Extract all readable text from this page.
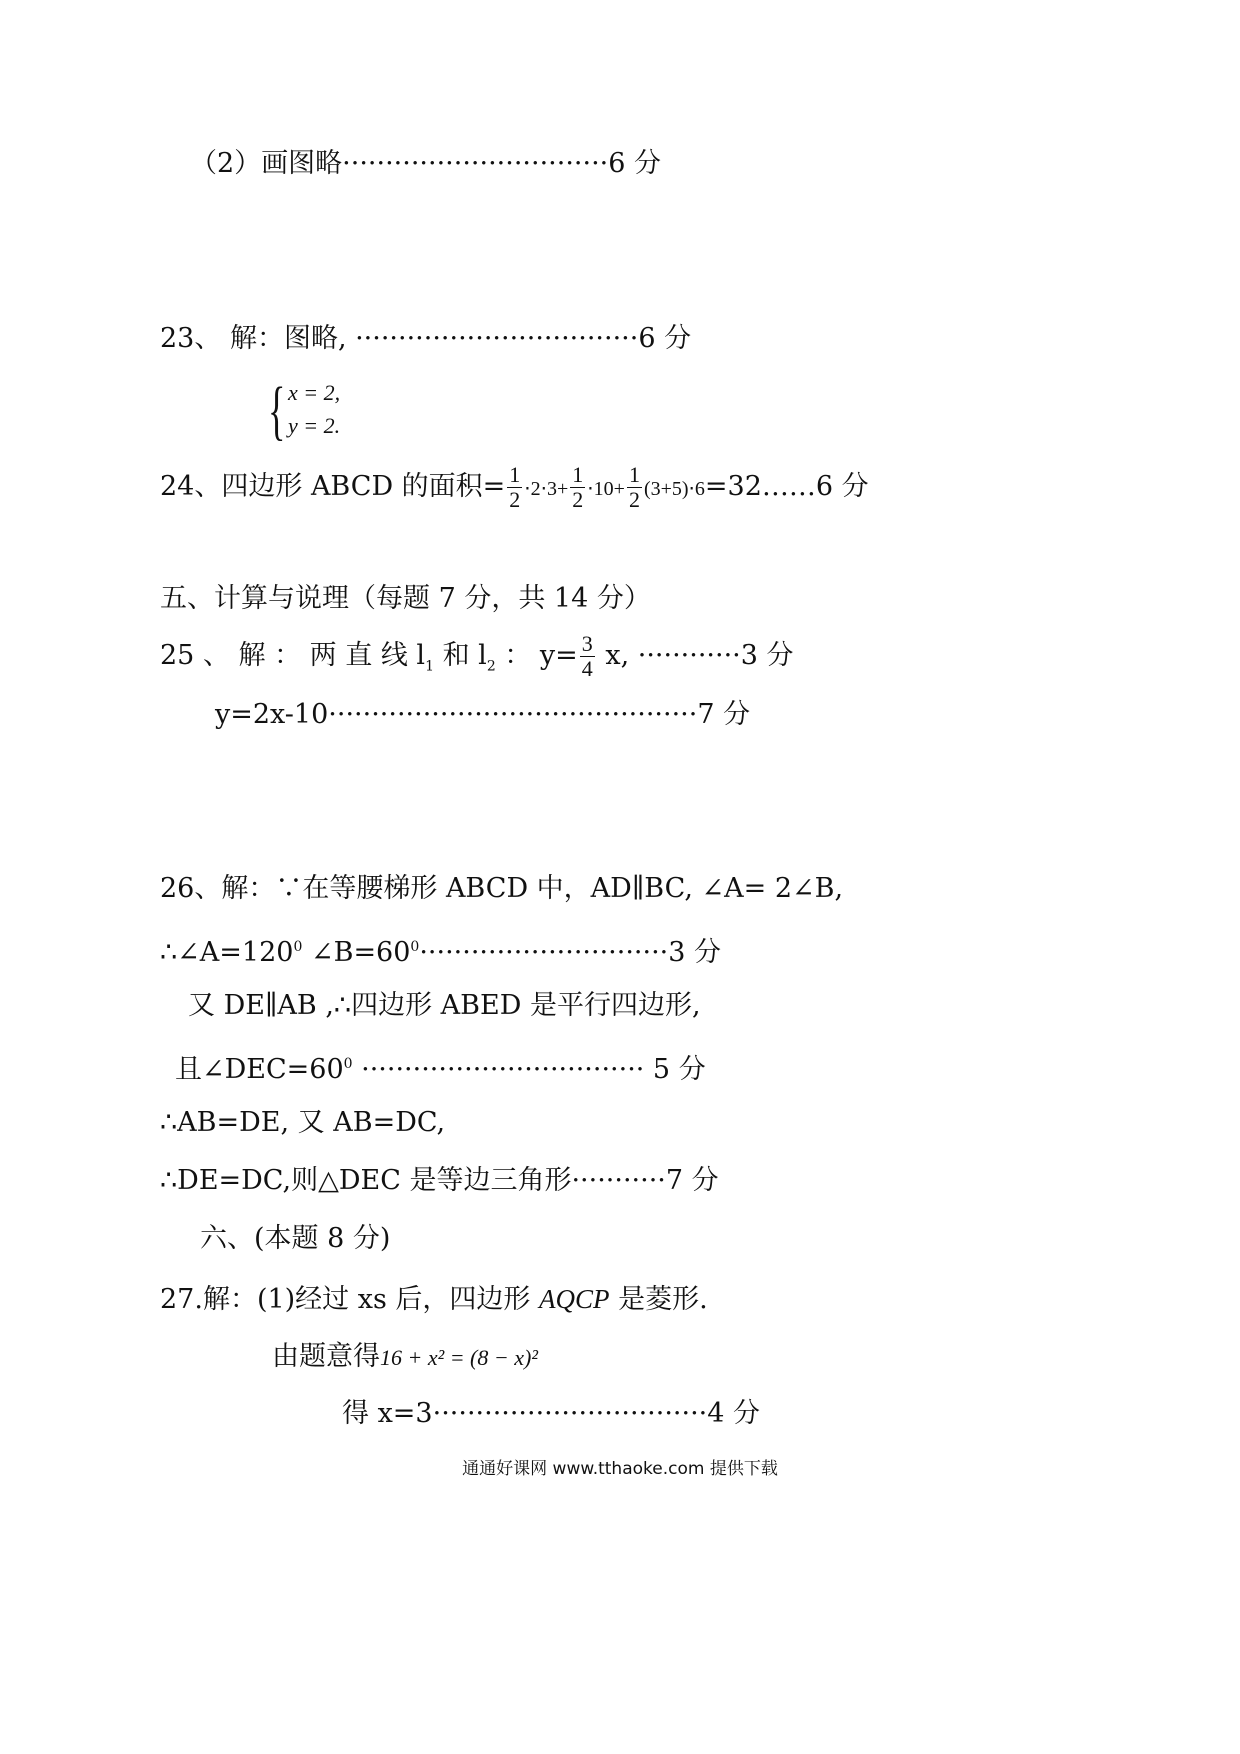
（2）画图略·······························6 分
23、 解：图略, ·································6 分
{ x = 2,
y = 2.
24、四边形 ABCD 的面积= $\frac{1}{2} \cdot 2\cdot 3+ \frac{1}{2} \cdot 10+ \frac{1}{2}$ (3+5)⋅6=32……6 分
五、计算与说理（每题 7 分，共 14 分）
25 、 解 ： 两 直 线 $l_1$ 和 $l_2$ ： $y= \frac{3}{4} x$, ············3 分
y=2x-10···········································7 分
26、解：∵在等腰梯形 ABCD 中，AD∥BC, ∠A= 2∠B,
$\therefore\angle A=120^0$ $\angle B=60^0\cdot\cdot\cdot\cdot\cdot\cdot\cdot\cdot\cdot\cdot\cdot\cdot\cdot\cdot\cdot\cdot\cdot\cdot\cdot\cdot\cdot\cdot\cdot\cdot\cdot\cdot\cdot\cdot\cdot 3$ 分
又 DE∥AB ,∴四边形 ABED 是平行四边形,
且$\angle DEC=60^0$ ································· 5 分
∴AB=DE, 又 AB=DC,
∴DE=DC,则△DEC 是等边三角形···········7 分
六、(本题 8 分)
27.解：(1)经过 xs 后，四边形 AQCP 是菱形.
由题意得16 + x² = (8 − x)²
得 x=3································4 分
通通好课网 www.tthaoke.com 提供下载
